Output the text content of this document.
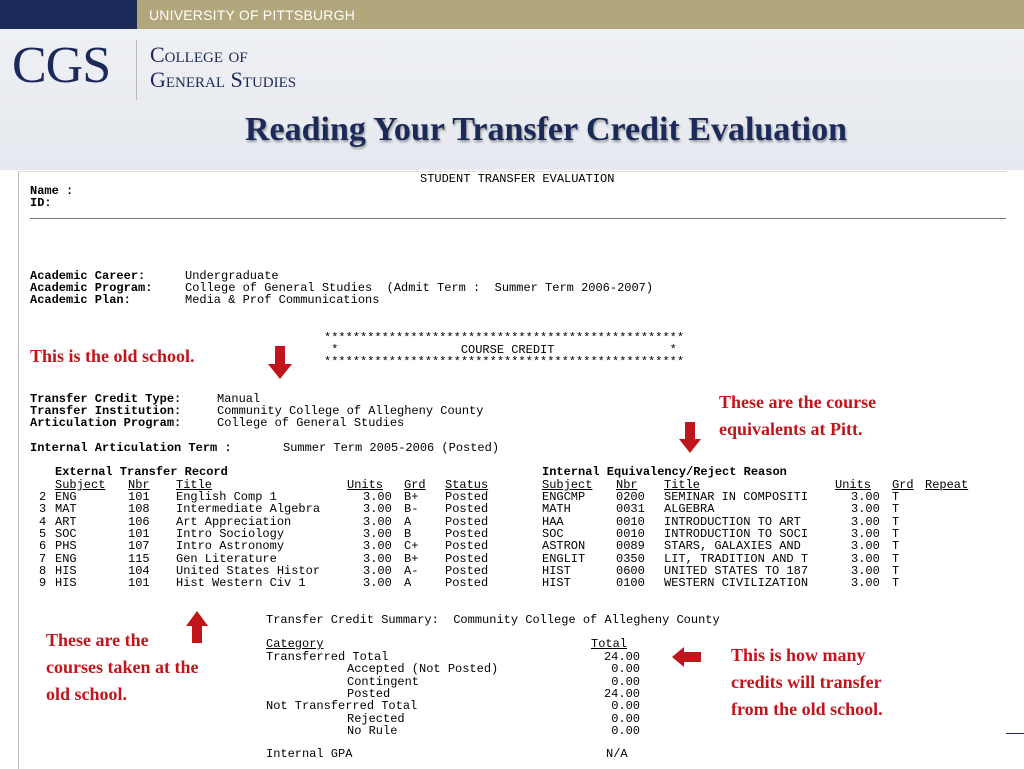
UNIVERSITY OF PITTSBURGH
CGS College of
General Studies
Reading Your Transfer Credit Evaluation
STUDENT TRANSFER EVALUATION
Name :
ID:
Academic Career:	Undergraduate
Academic Program:	College of General Studies  (Admit Term :  Summer Term 2006-2007)
Academic Plan:	Media & Prof Communications
**************************************************
*                 COURSE CREDIT                *
**************************************************
Transfer Credit Type:	Manual
Transfer Institution:	Community College of Allegheny County
Articulation Program:	College of General Studies
Internal Articulation Term :	Summer Term 2005-2006 (Posted)
External Transfer Record	Internal Equivalency/Reject Reason
Subject Nbr Title	Units Grd Status	Subject Nbr Title	Units Grd Repeat
2 ENG	101 English Comp 1	3.00 B+ Posted	ENGCMP	0200 SEMINAR IN COMPOSITI	3.00 T
3 MAT	108 Intermediate Algebra	3.00 B- Posted	MATH	0031 ALGEBRA	3.00 T
4 ART	106 Art Appreciation	3.00 A	Posted	HAA	0010 INTRODUCTION TO ART	3.00 T
5 SOC	101 Intro Sociology	3.00 B	Posted	SOC	0010 INTRODUCTION TO SOCI	3.00 T
6 PHS	107 Intro Astronomy	3.00 C+ Posted	ASTRON	0089 STARS, GALAXIES AND	3.00 T
7 ENG	115 Gen Literature	3.00 B+ Posted	ENGLIT	0350 LIT, TRADITION AND T	3.00 T
8 HIS	104 United States Histor	3.00 A- Posted	HIST	0600 UNITED STATES TO 187	3.00 T
9 HIS	101 Hist Western Civ 1	3.00 A	Posted	HIST	0100 WESTERN CIVILIZATION	3.00 T
Transfer Credit Summary:  Community College of Allegheny County
Category	Total
Transferred Total	24.00
Accepted (Not Posted)	0.00
Contingent	0.00
Posted	24.00
Not Transferred Total	0.00
Rejected	0.00
No Rule	0.00
Internal GPA	N/A
This is the old school.
These are the course
equivalents at Pitt.
These are the
courses taken at the
old school.
This is how many
credits will transfer
from the old school.
